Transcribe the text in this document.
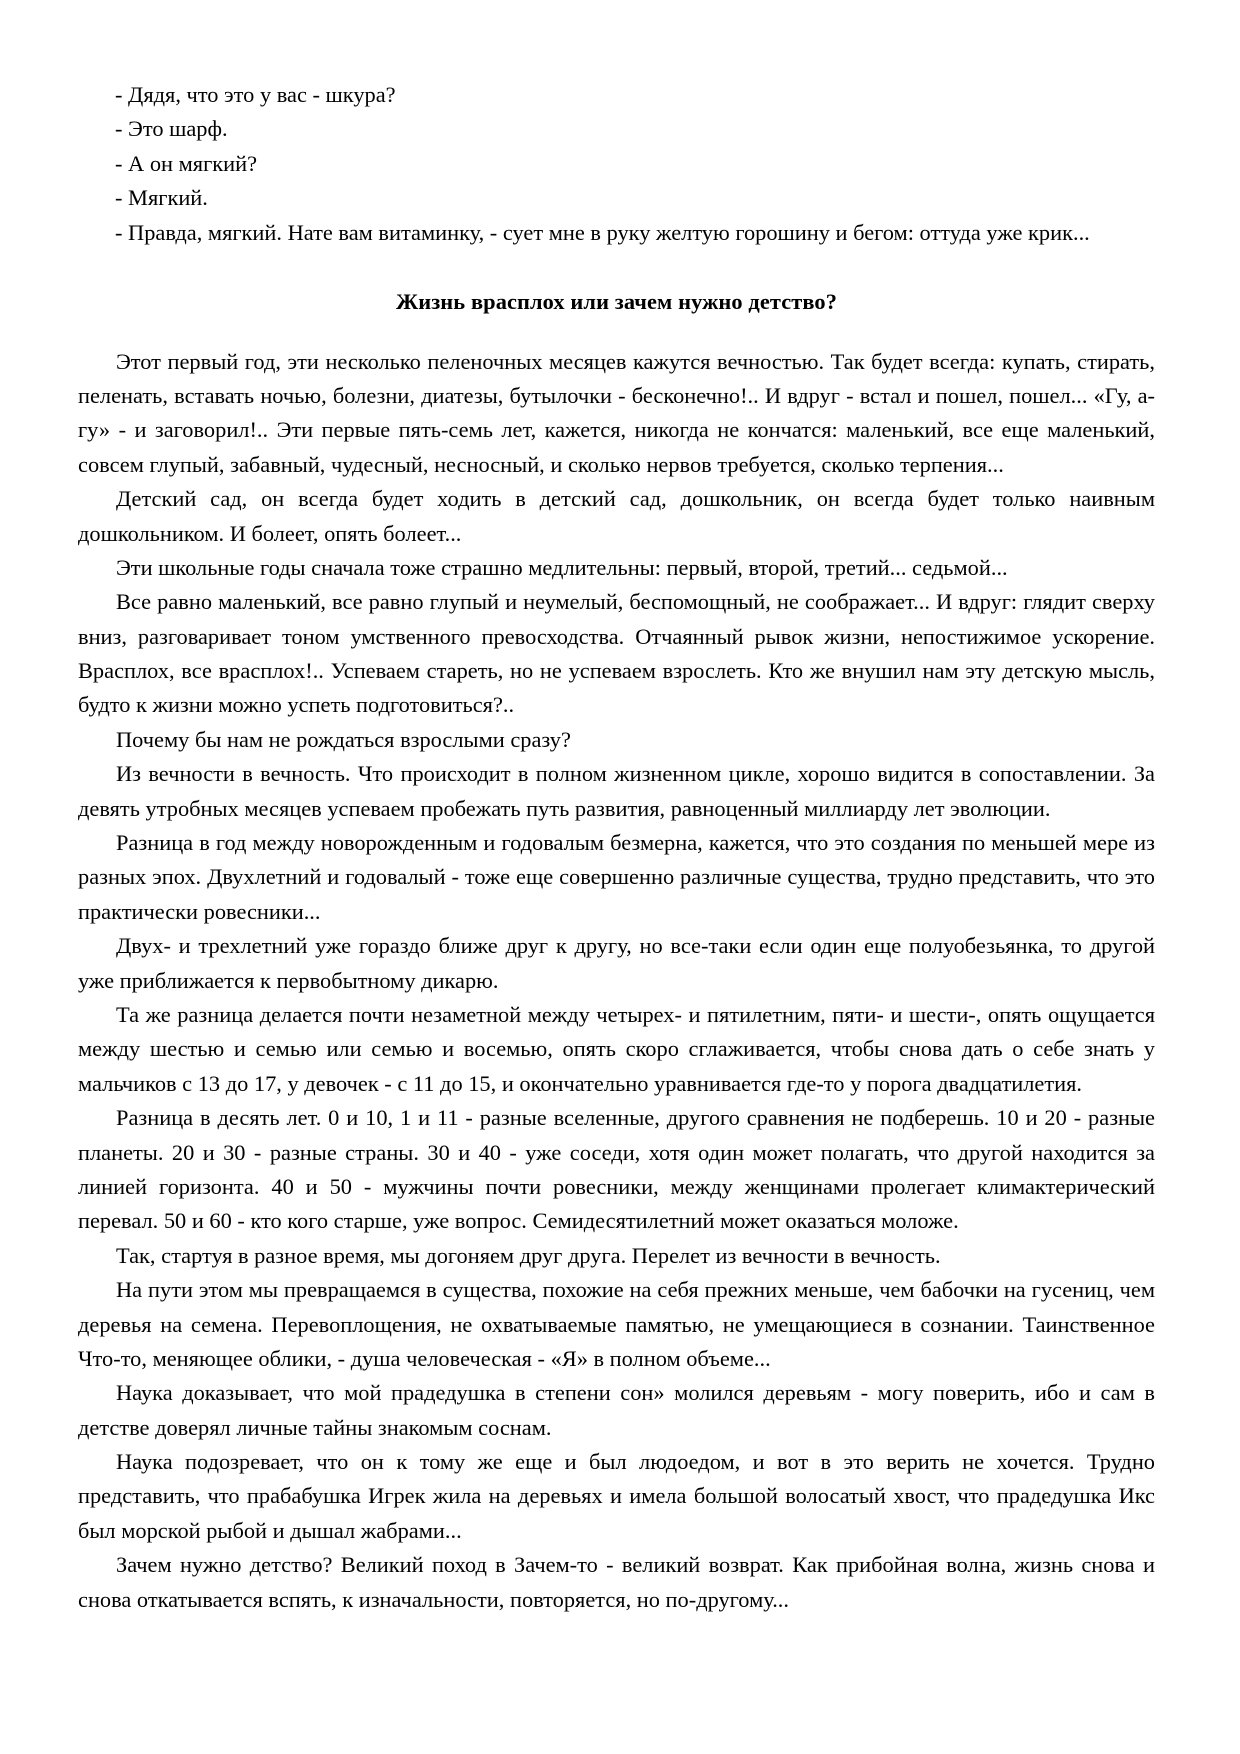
- Дядя, что это у вас - шкура?

- Это шарф.

- А он мягкий?

- Мягкий.

- Правда, мягкий. Нате вам витаминку, - сует мне в руку желтую горошину и бегом: оттуда уже крик...

Жизнь врасплох или зачем нужно детство?

Этот первый год, эти несколько пеленочных месяцев кажутся вечностью. Так будет всегда: купать, стирать, пеленать, вставать ночью, болезни, диатезы, бутылочки - бесконечно!.. И вдруг - встал и пошел, пошел... «Гу, а-гу» - и заговорил!.. Эти первые пять-семь лет, кажется, никогда не кончатся: маленький, все еще маленький, совсем глупый, забавный, чудесный, несносный, и сколько нервов требуется, сколько терпения...

Детский сад, он всегда будет ходить в детский сад, дошкольник, он всегда будет только наивным дошкольником. И болеет, опять болеет...

Эти школьные годы сначала тоже страшно медлительны: первый, второй, третий... седьмой...

Все равно маленький, все равно глупый и неумелый, беспомощный, не соображает... И вдруг: глядит сверху вниз, разговаривает тоном умственного превосходства. Отчаянный рывок жизни, непостижимое ускорение. Врасплох, все врасплох!.. Успеваем стареть, но не успеваем взрослеть. Кто же внушил нам эту детскую мысль, будто к жизни можно успеть подготовиться?..

Почему бы нам не рождаться взрослыми сразу?

Из вечности в вечность. Что происходит в полном жизненном цикле, хорошо видится в сопоставлении. За девять утробных месяцев успеваем пробежать путь развития, равноценный миллиарду лет эволюции.

Разница в год между новорожденным и годовалым безмерна, кажется, что это создания по меньшей мере из разных эпох. Двухлетний и годовалый - тоже еще совершенно различные существа, трудно представить, что это практически ровесники...

Двух- и трехлетний уже гораздо ближе друг к другу, но все-таки если один еще полуобезьянка, то другой уже приближается к первобытному дикарю.

Та же разница делается почти незаметной между четырех- и пятилетним, пяти- и шести-, опять ощущается между шестью и семью или семью и восемью, опять скоро сглаживается, чтобы снова дать о себе знать у мальчиков с 13 до 17, у девочек - с 11 до 15, и окончательно уравнивается где-то у порога двадцатилетия.

Разница в десять лет. 0 и 10, 1 и 11 - разные вселенные, другого сравнения не подберешь. 10 и 20 - разные планеты. 20 и 30 - разные страны. 30 и 40 - уже соседи, хотя один может полагать, что другой находится за линией горизонта. 40 и 50 - мужчины почти ровесники, между женщинами пролегает климактерический перевал. 50 и 60 - кто кого старше, уже вопрос. Семидесятилетний может оказаться моложе.

Так, стартуя в разное время, мы догоняем друг друга. Перелет из вечности в вечность.

На пути этом мы превращаемся в существа, похожие на себя прежних меньше, чем бабочки на гусениц, чем деревья на семена. Перевоплощения, не охватываемые памятью, не умещающиеся в сознании. Таинственное Что-то, меняющее облики, - душа человеческая - «Я» в полном объеме...

Наука доказывает, что мой прадедушка в степени сон» молился деревьям - могу поверить, ибо и сам в детстве доверял личные тайны знакомым соснам.

Наука подозревает, что он к тому же еще и был людоедом, и вот в это верить не хочется. Трудно представить, что прабабушка Игрек жила на деревьях и имела большой волосатый хвост, что прадедушка Икс был морской рыбой и дышал жабрами...

Зачем нужно детство? Великий поход в Зачем-то - великий возврат. Как прибойная волна, жизнь снова и снова откатывается вспять, к изначальности, повторяется, но по-другому...
